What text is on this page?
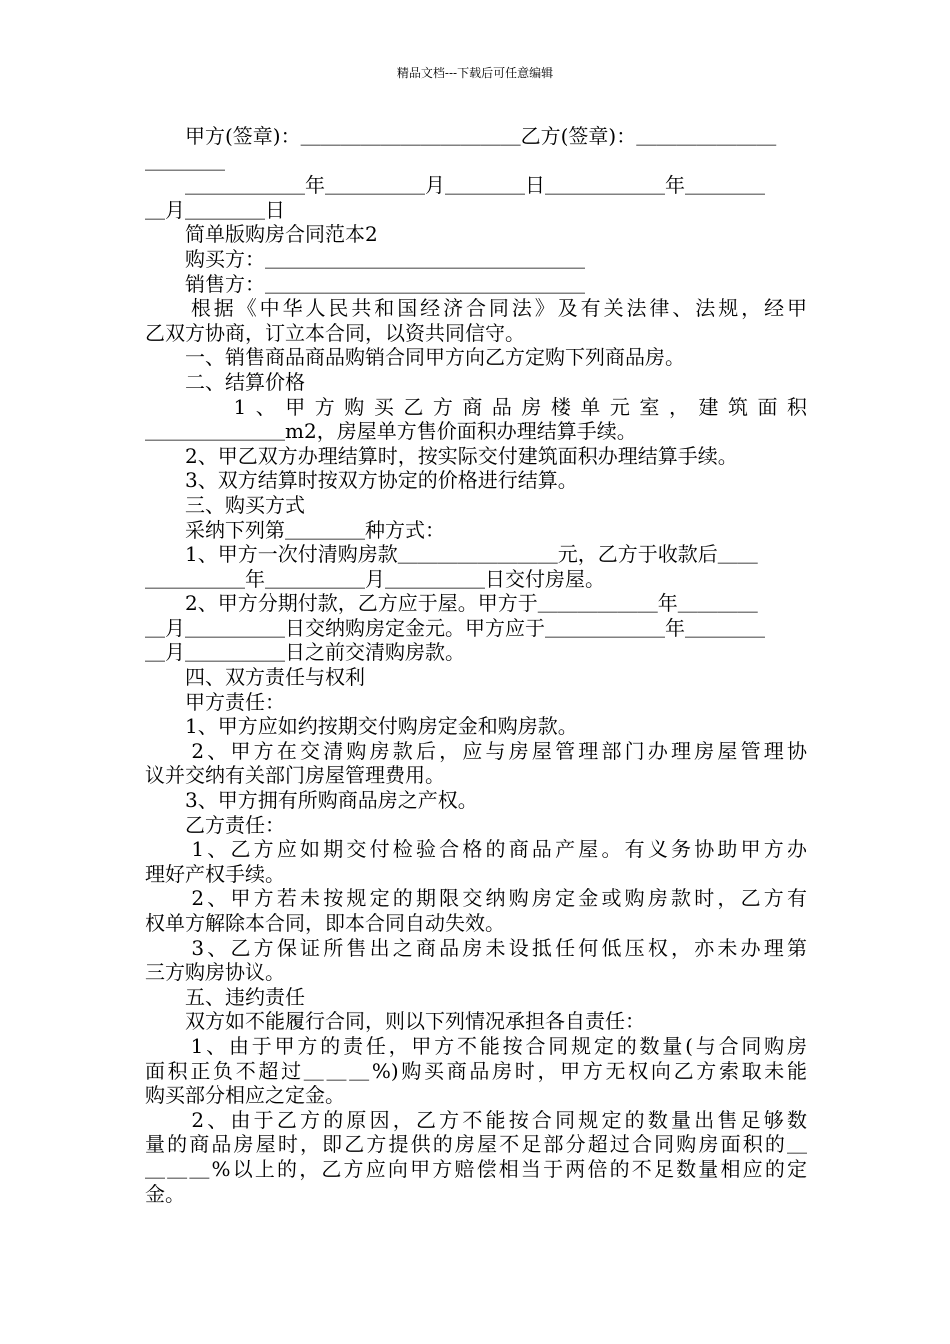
精品文档---下载后可任意编辑
　　甲方(签章)：＿＿＿＿＿＿＿＿＿＿＿乙方(签章)：＿＿＿＿＿＿＿
＿＿＿＿
　　＿＿＿＿＿＿年＿＿＿＿＿月＿＿＿＿日＿＿＿＿＿＿年＿＿＿＿
＿月＿＿＿＿日
　　简单版购房合同范本2
　　购买方：＿＿＿＿＿＿＿＿＿＿＿＿＿＿＿＿
　　销售方：＿＿＿＿＿＿＿＿＿＿＿＿＿＿＿＿
　　根据《中华人民共和国经济合同法》及有关法律、法规，经甲
乙双方协商，订立本合同，以资共同信守。
　　一、销售商品商品购销合同甲方向乙方定购下列商品房。
　　二、结算价格
　　　1、甲方购买乙方商品房楼单元室，建筑面积
＿＿＿＿＿＿＿m2，房屋单方售价面积办理结算手续。
　　2、甲乙双方办理结算时，按实际交付建筑面积办理结算手续。
　　3、双方结算时按双方协定的价格进行结算。
　　三、购买方式
　　采纳下列第＿＿＿＿种方式：
　　1、甲方一次付清购房款＿＿＿＿＿＿＿＿元，乙方于收款后＿＿
＿＿＿＿＿年＿＿＿＿＿月＿＿＿＿＿日交付房屋。
　　2、甲方分期付款，乙方应于屋。甲方于＿＿＿＿＿＿年＿＿＿＿
＿月＿＿＿＿＿日交纳购房定金元。甲方应于＿＿＿＿＿＿年＿＿＿＿
＿月＿＿＿＿＿日之前交清购房款。
　　四、双方责任与权利
　　甲方责任：
　　1、甲方应如约按期交付购房定金和购房款。
　　2、甲方在交清购房款后，应与房屋管理部门办理房屋管理协
议并交纳有关部门房屋管理费用。
　　3、甲方拥有所购商品房之产权。
　　乙方责任：
　　1、乙方应如期交付检验合格的商品产屋。有义务协助甲方办
理好产权手续。
　　2、甲方若未按规定的期限交纳购房定金或购房款时，乙方有
权单方解除本合同，即本合同自动失效。
　　3、乙方保证所售出之商品房未设抵任何低压权，亦未办理第
三方购房协议。
　　五、违约责任
　　双方如不能履行合同，则以下列情况承担各自责任：
　　1、由于甲方的责任，甲方不能按合同规定的数量(与合同购房
面积正负不超过＿＿＿%)购买商品房时，甲方无权向乙方索取未能
购买部分相应之定金。
　　2、由于乙方的原因，乙方不能按合同规定的数量出售足够数
量的商品房屋时，即乙方提供的房屋不足部分超过合同购房面积的＿
＿＿＿%以上的，乙方应向甲方赔偿相当于两倍的不足数量相应的定
金。
